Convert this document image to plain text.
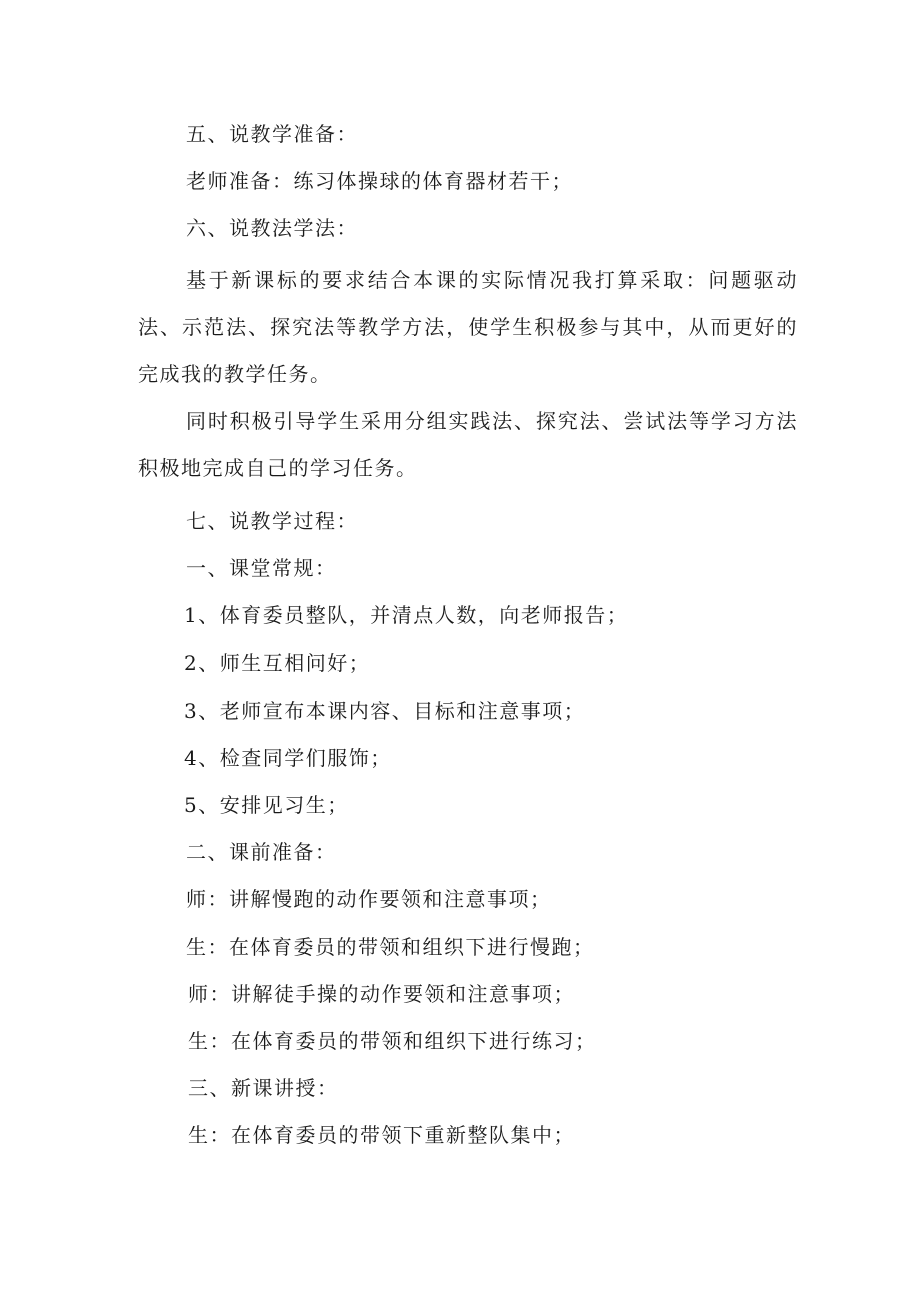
五、说教学准备：
老师准备：练习体操球的体育器材若干；
六、说教法学法：
基于新课标的要求结合本课的实际情况我打算采取：问题驱动法、示范法、探究法等教学方法，使学生积极参与其中，从而更好的完成我的教学任务。
同时积极引导学生采用分组实践法、探究法、尝试法等学习方法积极地完成自己的学习任务。
七、说教学过程：
一、课堂常规：
1、体育委员整队，并清点人数，向老师报告；
2、师生互相问好；
3、老师宣布本课内容、目标和注意事项；
4、检查同学们服饰；
5、安排见习生；
二、课前准备：
师：讲解慢跑的动作要领和注意事项；
生：在体育委员的带领和组织下进行慢跑；
师：讲解徒手操的动作要领和注意事项；
生：在体育委员的带领和组织下进行练习；
三、新课讲授：
生：在体育委员的带领下重新整队集中；
